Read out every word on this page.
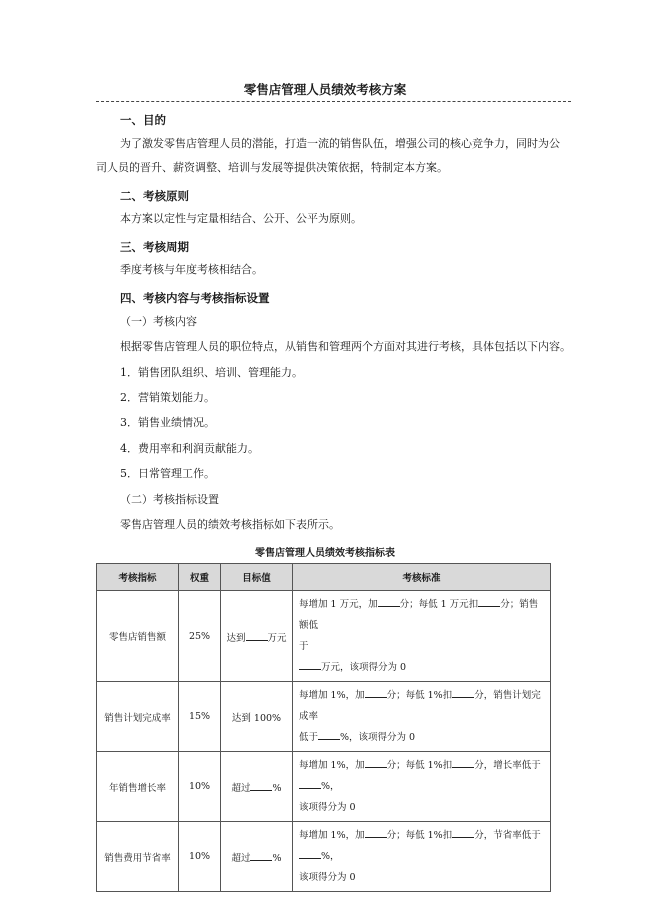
零售店管理人员绩效考核方案
一、目的
为了激发零售店管理人员的潜能，打造一流的销售队伍，增强公司的核心竞争力，同时为公
司人员的晋升、薪资调整、培训与发展等提供决策依据，特制定本方案。
二、考核原则
本方案以定性与定量相结合、公开、公平为原则。
三、考核周期
季度考核与年度考核相结合。
四、考核内容与考核指标设置
（一）考核内容
根据零售店管理人员的职位特点，从销售和管理两个方面对其进行考核，具体包括以下内容。
1．销售团队组织、培训、管理能力。
2．营销策划能力。
3．销售业绩情况。
4．费用率和利润贡献能力。
5．日常管理工作。
（二）考核指标设置
零售店管理人员的绩效考核指标如下表所示。
零售店管理人员绩效考核指标表
考核指标	权重	目标值	考核标准
零售店销售额	25%	达到 万元	每增加 1 万元，加 分；每低 1 万元扣 分；销售额低
于
万元，该项得分为 0
销售计划完成率	15%	达到 100%	每增加 1%，加 分；每低 1%扣 分，销售计划完成率
低于 %，该项得分为 0
年销售增长率	10%	超过 %	每增加 1%，加 分；每低 1%扣 分，增长率低于%，
该项得分为 0
销售费用节省率	10%	超过 %	每增加 1%，加 分；每低 1%扣 分，节省率低于%，
该项得分为 0
